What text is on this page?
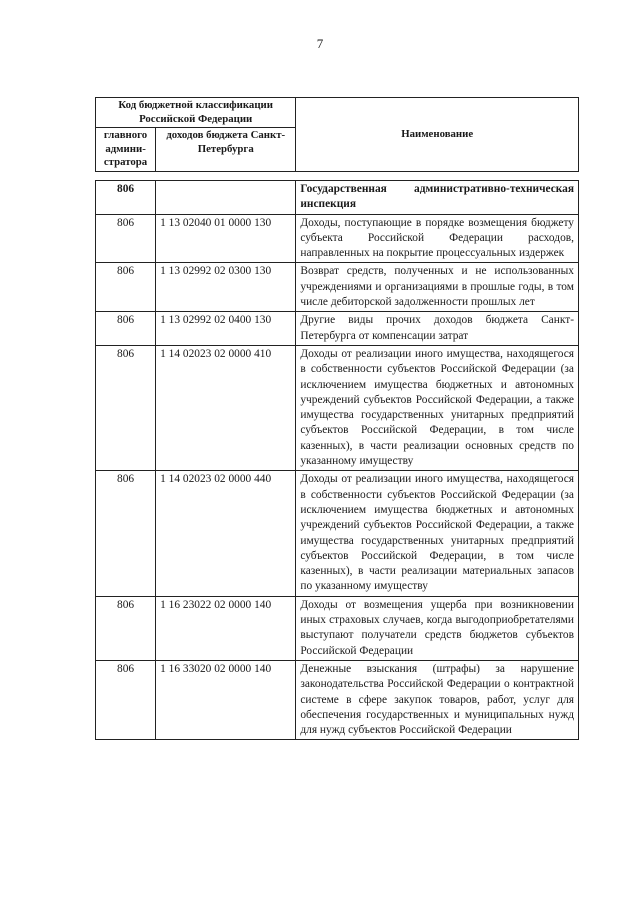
7
Код бюджетной классификации Российской Федерации		Наименование
главного админи-стратора	доходов бюджета Санкт-Петербурга	
806		Государственная административно-техническая инспекция
806	1 13 02040 01 0000 130	Доходы, поступающие в порядке возмещения бюджету субъекта Российской Федерации расходов, направленных на покрытие процессуальных издержек
806	1 13 02992 02 0300 130	Возврат средств, полученных и не использованных учреждениями и организациями в прошлые годы, в том числе дебиторской задолженности прошлых лет
806	1 13 02992 02 0400 130	Другие виды прочих доходов бюджета Санкт-Петербурга от компенсации затрат
806	1 14 02023 02 0000 410	Доходы от реализации иного имущества, находящегося в собственности субъектов Российской Федерации (за исключением имущества бюджетных и автономных учреждений субъектов Российской Федерации, а также имущества государственных унитарных предприятий субъектов Российской Федерации, в том числе казенных), в части реализации основных средств по указанному имуществу
806	1 14 02023 02 0000 440	Доходы от реализации иного имущества, находящегося в собственности субъектов Российской Федерации (за исключением имущества бюджетных и автономных учреждений субъектов Российской Федерации, а также имущества государственных унитарных предприятий субъектов Российской Федерации, в том числе казенных), в части реализации материальных запасов по указанному имуществу
806	1 16 23022 02 0000 140	Доходы от возмещения ущерба при возникновении иных страховых случаев, когда выгодоприобретателями выступают получатели средств бюджетов субъектов Российской Федерации
806	1 16 33020 02 0000 140	Денежные взыскания (штрафы) за нарушение законодательства Российской Федерации о контрактной системе в сфере закупок товаров, работ, услуг для обеспечения государственных и муниципальных нужд для нужд субъектов Российской Федерации
